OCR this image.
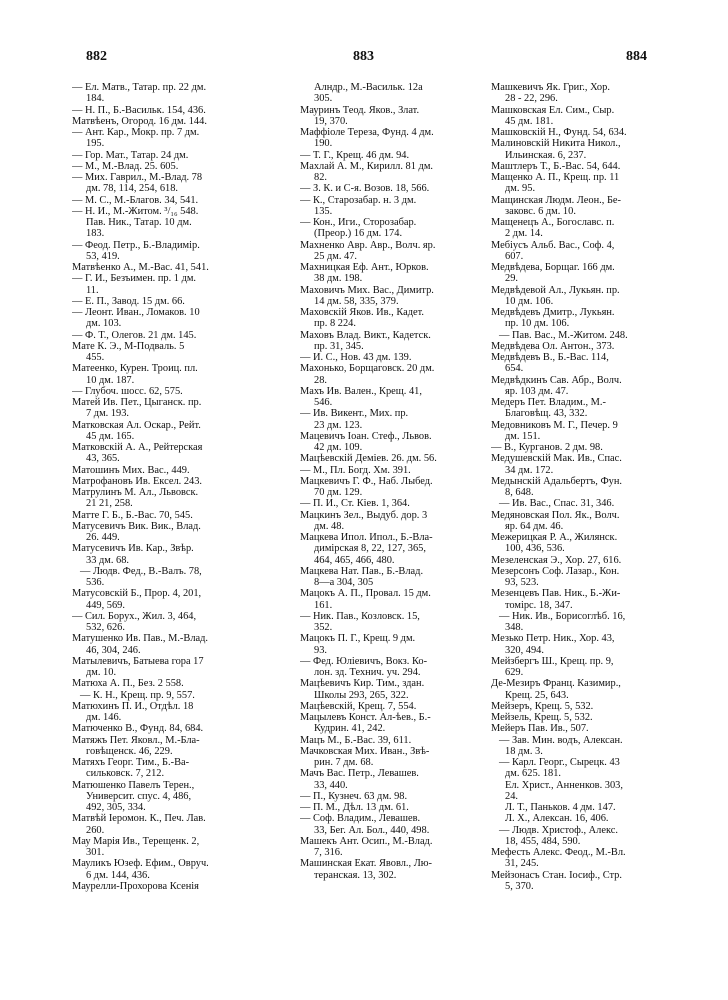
882	883	884
— Ел. Матв., Татар. пр. 22 дм.
184.
— Н. П., Б.-Васильк. 154, 436.
Матвѣенъ, Огород. 16 дм. 144.
— Ант. Кар., Мокр. пр. 7 дм.
195.
— Гор. Мат., Татар. 24 дм.
— М., М.-Влад. 25. 605.
— Мих. Гаврил., М.-Влад. 78
дм. 78, 114, 254, 618.
— М. С., М.-Благов. 34, 541.
— Н. И., М.-Житом. ³/₁₆ 548.
Пав. Ник., Татар. 10 дм.
183.
— Феод. Петр., Б.-Владимір.
53, 419.
Матвѣенко А., М.-Вас. 41, 541.
— Г. И., Безъимен. пр. 1 дм.
11.
— Е. П., Завод. 15 дм. 66.
— Леонт. Иван., Ломаков. 10
дм. 103.
— Ф. Т., Олегов. 21 дм. 145.
Мате К. Э., М-Подваль. 5
455.
Матеенко, Курен. Троиц. пл.
10 дм. 187.
— Глубоч. шосс. 62, 575.
Матей Ив. Пет., Цыганск. пр.
7 дм. 193.
Матковская Ал. Оскар., Рейт.
45 дм. 165.
Матковскій А. А., Рейтерская
43, 365.
Матошинъ Мих. Вас., 449.
Матрофановъ Ив. Ексел. 243.
Матрулинъ М. Ал., Львовск.
21 21, 258.
Матте Г. Б., Б.-Вас. 70, 545.
Матусевичъ Вик. Вик., Влад.
26. 449.
Матусевичъ Ив. Кар., Звѣр.
33 дм. 68.
— Людв. Фед., В.-Валъ. 78,
536.
Матусовскій Б., Прор. 4, 201,
449, 569.
— Сил. Борух., Жил. 3, 464,
532, 626.
Матушенко Ив. Пав., М.-Влад.
46, 304, 246.
Матылевичъ, Батыева гора 17
дм. 10.
Матюха А. П., Без. 2 558.
— К. Н., Крещ. пр. 9, 557.
Матюхинъ П. И., Отдѣл. 18
дм. 146.
Матюченко В., Фунд. 84, 684.
Матяжъ Пет. Яковл., М.-Бла-
говѣщенск. 46, 229.
Матяхъ Георг. Тим., Б.-Ва-
сильковск. 7, 212.
Матюшенко Павелъ Терен.,
Университ. спус. 4, 486,
492, 305, 334.
Матвѣй Іеромон. К., Печ. Лав.
260.
Мау Марія Ив., Терещенк. 2,
301.
Мауликъ Юзеф. Ефим., Овруч.
6 дм. 144, 436.
Маурелли-Прохорова Ксенія
Алндр., М.-Васильк. 12а
305.
Мауринъ Теод. Яков., Злат.
19, 370.
Маффіоле Тереза, Фунд. 4 дм.
190.
— Т. Г., Крещ. 46 дм. 94.
Махлай А. М., Кирилл. 81 дм.
82.
— З. К. и С-я. Возов. 18, 566.
— К., Старозабар. н. 3 дм.
135.
— Кон., Иги., Сторозабар.
(Преор.) 16 дм. 174.
Махненко Авр. Авр., Волч. яр.
25 дм. 47.
Махницкая Еф. Ант., Юрков.
38 дм. 198.
Маховичъ Мих. Вас., Димитр.
14 дм. 58, 335, 379.
Маховскій Яков. Ив., Кадет.
пр. 8 224.
Маховъ Влад. Викт., Кадетск.
пр. 31, 345.
— И. С., Нов. 43 дм. 139.
Махонько, Борщаговск. 20 дм.
28.
Махъ Ив. Вален., Крещ. 41,
546.
— Ив. Викент., Мих. пр.
23 дм. 123.
Мацевичъ Іоан. Стеф., Львов.
42 дм. 109.
Мацѣевскій Деміев. 26. дм. 56.
— М., Пл. Богд. Хм. 391.
Мацкевичъ Г. Ф., Наб. Лыбед.
70 дм. 129.
— П. И., Ст. Кіев. 1, 364.
Мацкинъ Зел., Выдуб. дор. 3
дм. 48.
Мацкева Ипол. Ипол., Б.-Вла-
димірская 8, 22, 127, 365,
464, 465, 466, 480.
Мацкева Нат. Пав., Б.-Влад.
8—а 304, 305
Мацокъ А. П., Провал. 15 дм.
161.
— Ник. Пав., Козловск. 15,
352.
Мацокъ П. Г., Крещ. 9 дм.
93.
— Фед. Юліевичъ, Вокз. Ко-
лон. зд. Технич. уч. 294.
Мацѣевичъ Кир. Тим., здан.
Школы 293, 265, 322.
Мацѣевскій, Крещ. 7, 554.
Мацылевъ Конст. Ал-ѣев., Б.-
Кудрин. 41, 242.
Мацъ М., Б.-Вас. 39, 611.
Мачковская Мих. Иван., Звѣ-
рин. 7 дм. 68.
Мачъ Вас. Петр., Левашев.
33, 440.
— П., Кузнеч. 63 дм. 98.
— П. М., Дѣл. 13 дм. 61.
— Соф. Владим., Левашев.
33, Бег. Ал. Бол., 440, 498.
Машекъ Ант. Осип., М.-Влад.
7, 316.
Машинская Екат. Явовл., Лю-
теранская. 13, 302.
Машкевичъ Як. Григ., Хор.
28 - 22, 296.
Машковская Ел. Сим., Сыр.
45 дм. 181.
Машковскій Н., Фунд. 54, 634.
Малиновскій Никита Никол.,
Ильинская. 6, 237.
Маштлеръ Т., Б.-Вас. 54, 644.
Мащенко А. П., Крещ. пр. 11
дм. 95.
Мащинская Людм. Леон., Бе-
заковс. 6 дм. 10.
Мащенецъ А., Богославс. п.
2 дм. 14.
Мебіусъ Альб. Вас., Соф. 4,
607.
Медвѣдева, Борщаг. 166 дм.
29.
Медвѣдевой Ал., Лукьян. пр.
10 дм. 106.
Медвѣдевъ Дмитр., Лукьян.
пр. 10 дм. 106.
— Пав. Вас., М.-Житом. 248.
Медвѣдева Ол. Антон., 373.
Медвѣдевъ В., Б.-Вас. 114,
654.
Медвѣдкинъ Сав. Абр., Волч.
яр. 103 дм. 47.
Медеръ Пет. Владим., М.-
Благовѣщ. 43, 332.
Медовниковъ М. Г., Печер. 9
дм. 151.
— В., Курганов. 2 дм. 98.
Медушевскій Мак. Ив., Спас.
34 дм. 172.
Медынскій Адальбертъ, Фун.
8, 648.
— Ив. Вас., Спас. 31, 346.
Медяновская Пол. Як., Волч.
яр. 64 дм. 46.
Межерицкая Р. А., Жилянск.
100, 436, 536.
Мезеленская Э., Хор. 27, 616.
Мезерсонъ Соф. Лазар., Кон.
93, 523.
Мезенцевъ Пав. Ник., Б.-Жи-
томірс. 18, 347.
— Ник. Ив., Борисоглѣб. 16,
348.
Мезько Петр. Ник., Хор. 43,
320, 494.
Мейзбергъ Ш., Крещ. пр. 9,
629.
Де-Мезиръ Франц. Казимир.,
Крещ. 25, 643.
Мейзеръ, Крещ. 5, 532.
Мейзель, Крещ. 5, 532.
Мейеръ Пав. Ив., 507.
— Зав. Мин. водъ, Алексан.
18 дм. 3.
— Карл. Георг., Сырецк. 43
дм. 625. 181.
Ел. Христ., Анненков. 303,
24.
Л. Т., Паньков. 4 дм. 147.
Л. Х., Алексан. 16, 406.
— Людв. Христоф., Алекс.
18, 455, 484, 590.
Мефесть Алекс. Феод., М.-Вл.
31, 245.
Мейзонасъ Стан. Іосиф., Стр.
5, 370.
